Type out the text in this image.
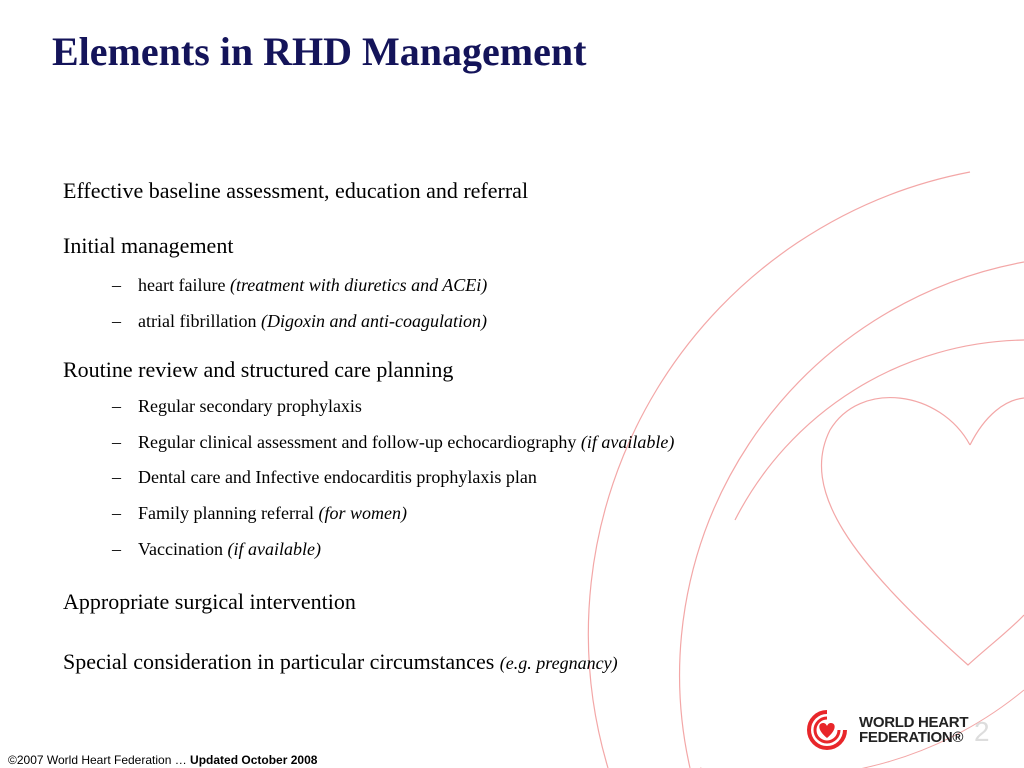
Elements in RHD Management
Effective baseline assessment, education and referral
Initial management
– heart failure (treatment with diuretics and ACEi)
– atrial fibrillation (Digoxin and anti-coagulation)
Routine review and structured care planning
– Regular secondary prophylaxis
– Regular clinical assessment and follow-up echocardiography (if available)
– Dental care and Infective endocarditis prophylaxis plan
– Family planning referral (for women)
– Vaccination (if available)
Appropriate surgical intervention
Special consideration in particular circumstances (e.g. pregnancy)
WORLD HEART
FEDERATION® 2
©2007 World Heart Federation … Updated October 2008
